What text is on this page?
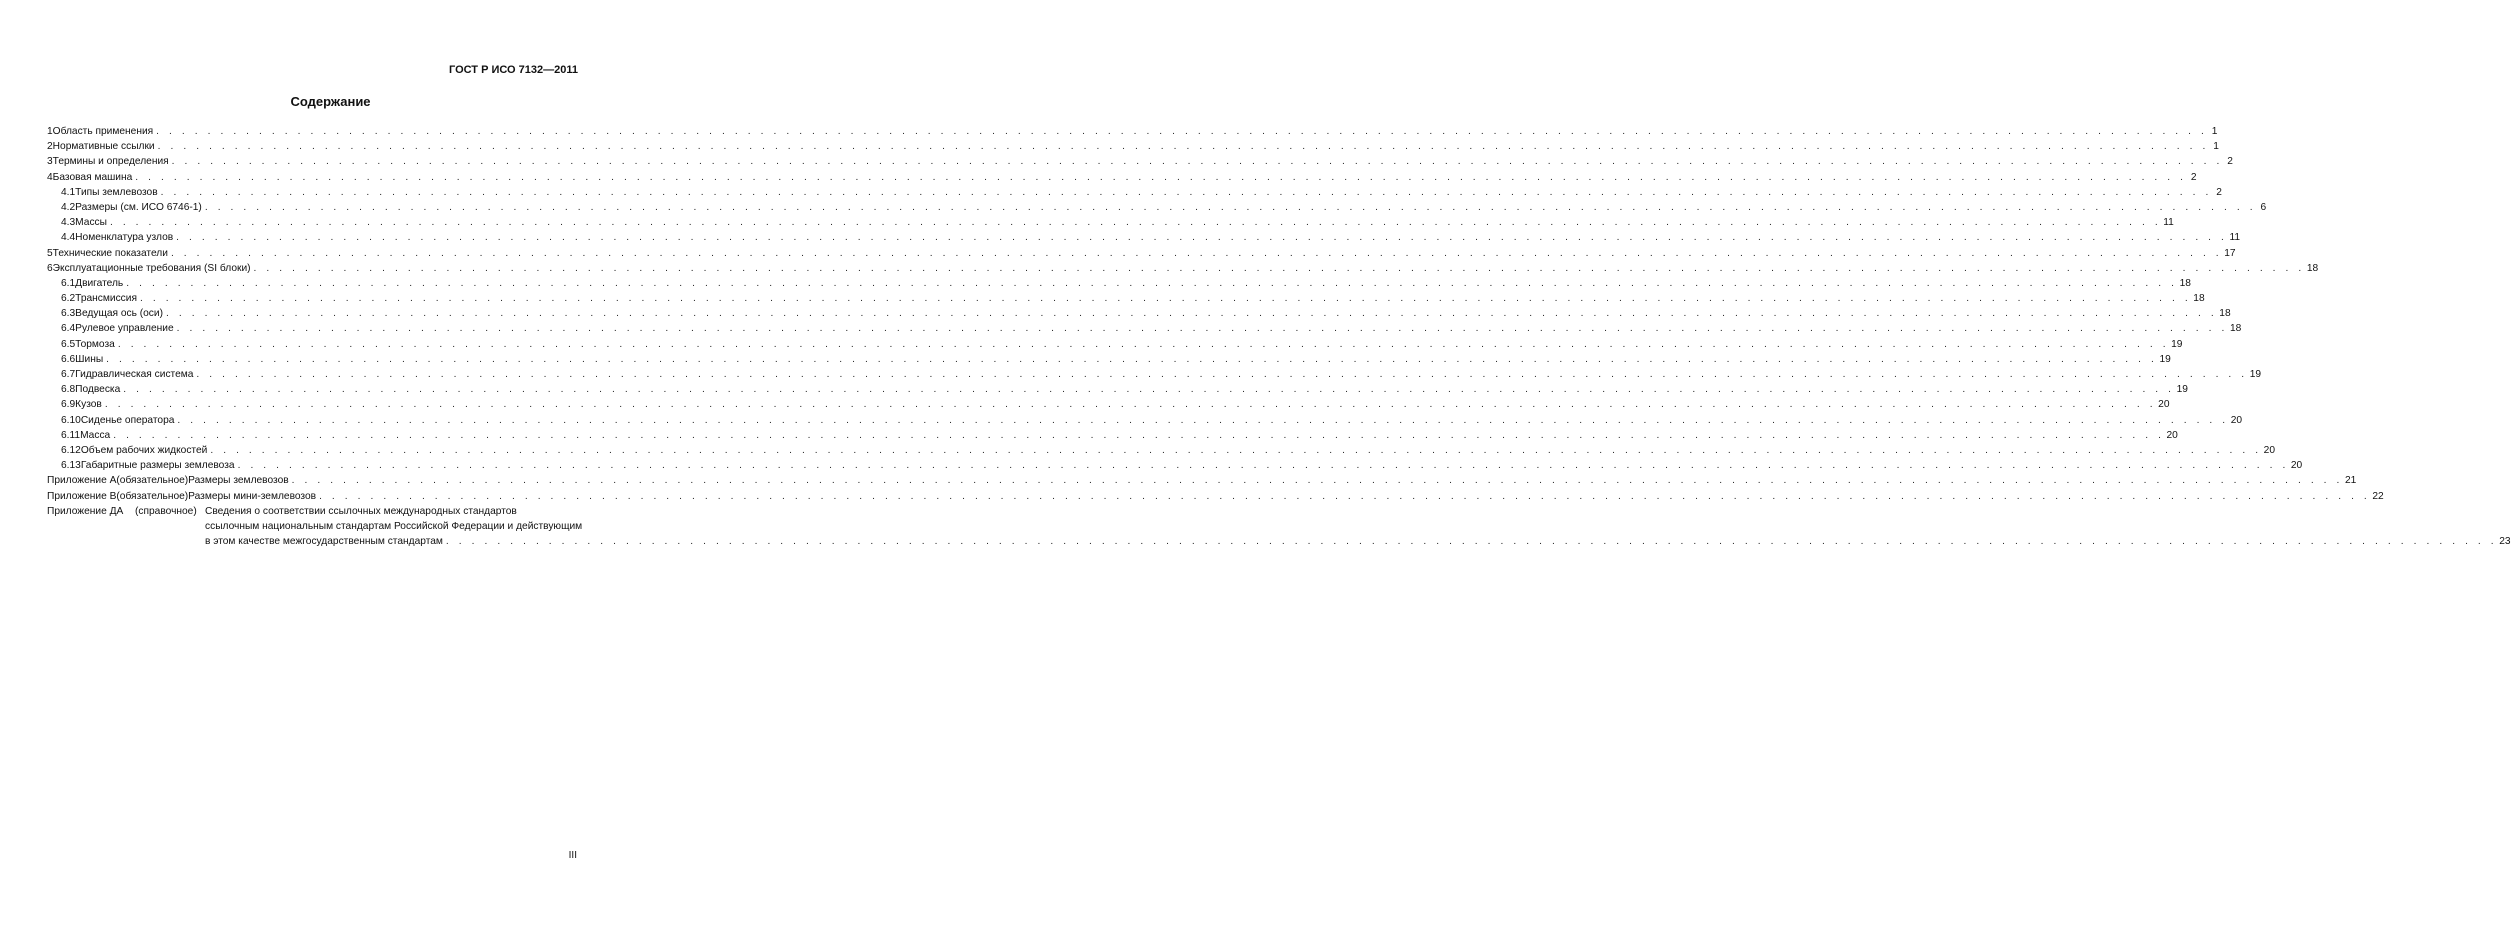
ГОСТ Р ИСО 7132—2011
Содержание
1 Область применения . . .	1
2 Нормативные ссылки . . .	1
3 Термины и определения . . .	2
4 Базовая машина . . .	2
4.1 Типы землевозов . . .	2
4.2 Размеры (см. ИСО 6746-1) . . .	6
4.3 Массы . . .	11
4.4 Номенклатура узлов . . .	11
5 Технические показатели . . .	17
6 Эксплуатационные требования (SI блоки) . . .	18
6.1 Двигатель . . .	18
6.2 Трансмиссия . . .	18
6.3 Ведущая ось (оси) . . .	18
6.4 Рулевое управление . . .	18
6.5 Тормоза . . .	19
6.6 Шины . . .	19
6.7 Гидравлическая система . . .	19
6.8 Подвеска . . .	19
6.9 Кузов . . .	20
6.10 Сиденье оператора . . .	20
6.11 Масса . . .	20
6.12 Объем рабочих жидкостей . . .	20
6.13 Габаритные размеры землевоза . . .	20
Приложение А (обязательное) Размеры землевозов . . .	21
Приложение В (обязательное) Размеры мини-землевозов . . .	22
Приложение ДА (справочное) Сведения о соответствии ссылочных международных стандартов
ссылочным национальным стандартам Российской Федерации и действующим
в этом качестве межгосударственным стандартам . . .	23
III
